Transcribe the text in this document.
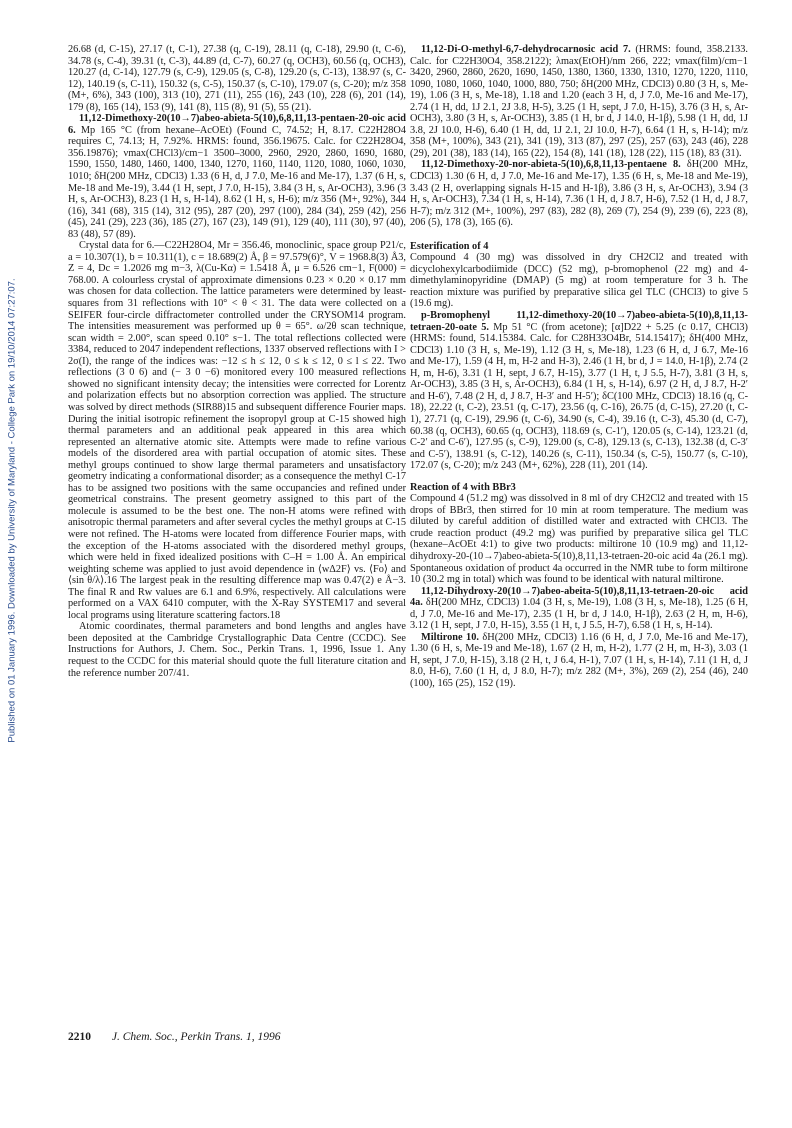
Published on 01 January 1996. Downloaded by University of Maryland - College Park on 19/10/2014 07:27:07.

26.68 (d, C-15), 27.17 (t, C-1), 27.38 (q, C-19), 28.11 (q, C-18), 29.90 (t, C-6), 34.78 (s, C-4), 39.31 (t, C-3), 44.89 (d, C-7), 60.27 (q, OCH3), 60.56 (q, OCH3), 120.27 (d, C-14), 127.79 (s, C-9), 129.05 (s, C-8), 129.20 (s, C-13), 138.97 (s, C-12), 140.19 (s, C-11), 150.32 (s, C-5), 150.37 (s, C-10), 179.07 (s, C-20); m/z 358 (M+, 6%), 343 (100), 313 (10), 271 (11), 255 (16), 243 (10), 228 (6), 201 (14), 179 (8), 165 (14), 153 (9), 141 (8), 115 (8), 91 (5), 55 (21).

11,12-Dimethoxy-20(10→7)abeo-abieta-5(10),6,8,11,13-pentaen-20-oic acid 6. Mp 165 °C (from hexane–AcOEt) (Found C, 74.52; H, 8.17. C22H28O4 requires C, 74.13; H, 7.92%. HRMS: found, 356.19675. Calc. for C22H28O4, 356.19876); νmax(CHCl3)/cm−1 3500–3000, 2960, 2920, 2860, 1690, 1680, 1590, 1550, 1480, 1460, 1400, 1340, 1270, 1160, 1140, 1120, 1080, 1060, 1030, 1010; δH(200 MHz, CDCl3) 1.33 (6 H, d, J 7.0, Me-16 and Me-17), 1.37 (6 H, s, Me-18 and Me-19), 3.44 (1 H, sept, J 7.0, H-15), 3.84 (3 H, s, Ar-OCH3), 3.96 (3 H, s, Ar-OCH3), 8.23 (1 H, s, H-14), 8.62 (1 H, s, H-6); m/z 356 (M+, 92%), 344 (16), 341 (68), 315 (14), 312 (95), 287 (20), 297 (100), 284 (34), 259 (42), 256 (45), 241 (29), 223 (36), 185 (27), 167 (23), 149 (91), 129 (40), 111 (30), 97 (40), 83 (48), 57 (89).

Crystal data for 6.—C22H28O4, Mr = 356.46, monoclinic, space group P21/c, a = 10.307(1), b = 10.311(1), c = 18.689(2) Å, β = 97.579(6)°, V = 1968.8(3) Å3, Z = 4, Dc = 1.2026 mg m−3, λ(Cu-Kα) = 1.5418 Å, μ = 6.526 cm−1, F(000) = 768.00. A colourless crystal of approximate dimensions 0.23 × 0.20 × 0.17 mm was chosen for data collection. The lattice parameters were determined by least-squares from 31 reflections with 10° < θ < 31. The data were collected on a SEIFER four-circle diffractometer controlled under the CRYSOM14 program. The intensities measurement was performed up θ = 65°. ω/2θ scan technique, scan width = 2.00°, scan speed 0.10° s−1. The total reflections collected were 3384, reduced to 2047 independent reflections, 1337 observed reflections with I > 2σ(I), the range of the indices was: −12 ≤ h ≤ 12, 0 ≤ k ≤ 12, 0 ≤ l ≤ 22. Two reflections (3 0 6) and (− 3 0 −6) monitored every 100 measured reflections showed no significant intensity decay; the intensities were corrected for Lorentz and polarization effects but no absorption correction was applied. The structure was solved by direct methods (SIR88)15 and subsequent difference Fourier maps. During the initial isotropic refinement the isopropyl group at C-15 showed high thermal parameters and an additional peak appeared in this area which represented an alternative atomic site. Attempts were made to refine various models of the disordered area with partial occupation of atomic sites. These methyl groups continued to show large thermal parameters and unsatisfactory geometry indicating a conformational disorder; as a consequence the methyl C-17 has to be assigned two positions with the same occupancies and refined under geometrical constrains. The present geometry assigned to this part of the molecule is assumed to be the best one. The non-H atoms were refined with anisotropic thermal parameters and after several cycles the methyl groups at C-15 were not refined. The H-atoms were located from difference Fourier maps, with the exception of the H-atoms associated with the disordered methyl groups, which were held in fixed idealized positions with C–H = 1.00 Å. An empirical weighting scheme was applied to just avoid dependence in ⟨wΔ2F⟩ vs. ⟨Fo⟩ and ⟨sin θ/λ⟩.16 The largest peak in the resulting difference map was 0.47(2) e Å−3. The final R and Rw values are 6.1 and 6.9%, respectively. All calculations were performed on a VAX 6410 computer, with the X-Ray SYSTEM17 and several local programs using literature scattering factors.18

Atomic coordinates, thermal parameters and bond lengths and angles have been deposited at the Cambridge Crystallographic Data Centre (CCDC). See Instructions for Authors, J. Chem. Soc., Perkin Trans. 1, 1996, Issue 1. Any request to the CCDC for this material should quote the full literature citation and the reference number 207/41.

11,12-Di-O-methyl-6,7-dehydrocarnosic acid 7. (HRMS: found, 358.2133. Calc. for C22H30O4, 358.2122); λmax(EtOH)/nm 266, 222; νmax(film)/cm−1 3420, 2960, 2860, 2620, 1690, 1450, 1380, 1360, 1330, 1310, 1270, 1220, 1110, 1090, 1080, 1060, 1040, 1000, 880, 750; δH(200 MHz, CDCl3) 0.80 (3 H, s, Me-19), 1.06 (3 H, s, Me-18), 1.18 and 1.20 (each 3 H, d, J 7.0, Me-16 and Me-17), 2.74 (1 H, dd, 1J 2.1, 2J 3.8, H-5), 3.25 (1 H, sept, J 7.0, H-15), 3.76 (3 H, s, Ar-OCH3), 3.80 (3 H, s, Ar-OCH3), 3.85 (1 H, br d, J 14.0, H-1β), 5.98 (1 H, dd, 1J 3.8, 2J 10.0, H-6), 6.40 (1 H, dd, 1J 2.1, 2J 10.0, H-7), 6.64 (1 H, s, H-14); m/z 358 (M+, 100%), 343 (21), 341 (19), 313 (87), 297 (25), 257 (63), 243 (46), 228 (29), 201 (38), 183 (14), 165 (22), 154 (8), 141 (18), 128 (22), 115 (18), 83 (31).

11,12-Dimethoxy-20-nor-abieta-5(10),6,8,11,13-pentaene 8. δH(200 MHz, CDCl3) 1.30 (6 H, d, J 7.0, Me-16 and Me-17), 1.35 (6 H, s, Me-18 and Me-19), 3.43 (2 H, overlapping signals H-15 and H-1β), 3.86 (3 H, s, Ar-OCH3), 3.94 (3 H, s, Ar-OCH3), 7.34 (1 H, s, H-14), 7.36 (1 H, d, J 8.7, H-6), 7.52 (1 H, d, J 8.7, H-7); m/z 312 (M+, 100%), 297 (83), 282 (8), 269 (7), 254 (9), 239 (6), 223 (8), 206 (5), 178 (3), 165 (6).

Esterification of 4

Compound 4 (30 mg) was dissolved in dry CH2Cl2 and treated with dicyclohexylcarbodiimide (DCC) (52 mg), p-bromophenol (22 mg) and 4-dimethylaminopyridine (DMAP) (5 mg) at room temperature for 3 h. The reaction mixture was purified by preparative silica gel TLC (CHCl3) to give 5 (19.6 mg).

p-Bromophenyl 11,12-dimethoxy-20(10→7)abeo-abieta-5(10),8,11,13-tetraen-20-oate 5. Mp 51 °C (from acetone); [α]D22 + 5.25 (c 0.17, CHCl3) (HRMS: found, 514.15384. Calc. for C28H33O4Br, 514.15417); δH(400 MHz, CDCl3) 1.10 (3 H, s, Me-19), 1.12 (3 H, s, Me-18), 1.23 (6 H, d, J 6.7, Me-16 and Me-17), 1.59 (4 H, m, H-2 and H-3), 2.46 (1 H, br d, J = 14.0, H-1β), 2.74 (2 H, m, H-6), 3.31 (1 H, sept, J 6.7, H-15), 3.77 (1 H, t, J 5.5, H-7), 3.81 (3 H, s, Ar-OCH3), 3.85 (3 H, s, Ar-OCH3), 6.84 (1 H, s, H-14), 6.97 (2 H, d, J 8.7, H-2′ and H-6′), 7.48 (2 H, d, J 8.7, H-3′ and H-5′); δC(100 MHz, CDCl3) 18.16 (q, C-18), 22.22 (t, C-2), 23.51 (q, C-17), 23.56 (q, C-16), 26.75 (d, C-15), 27.20 (t, C-1), 27.71 (q, C-19), 29.96 (t, C-6), 34.90 (s, C-4), 39.16 (t, C-3), 45.30 (d, C-7), 60.38 (q, OCH3), 60.65 (q, OCH3), 118.69 (s, C-1′), 120.05 (s, C-14), 123.21 (d, C-2′ and C-6′), 127.95 (s, C-9), 129.00 (s, C-8), 129.13 (s, C-13), 132.38 (d, C-3′ and C-5′), 138.91 (s, C-12), 140.26 (s, C-11), 150.34 (s, C-5), 150.77 (s, C-10), 172.07 (s, C-20); m/z 243 (M+, 62%), 228 (11), 201 (14).

Reaction of 4 with BBr3

Compound 4 (51.2 mg) was dissolved in 8 ml of dry CH2Cl2 and treated with 15 drops of BBr3, then stirred for 10 min at room temperature. The medium was diluted by careful addition of distilled water and extracted with CHCl3. The crude reaction product (49.2 mg) was purified by preparative silica gel TLC (hexane–AcOEt 4:1) to give two products: miltirone 10 (10.9 mg) and 11,12-dihydroxy-20-(10→7)abeo-abieta-5(10),8,11,13-tetraen-20-oic acid 4a (26.1 mg). Spontaneous oxidation of product 4a occurred in the NMR tube to form miltirone 10 (30.2 mg in total) which was found to be identical with natural miltirone.

11,12-Dihydroxy-20(10→7)abeo-abeita-5(10),8,11,13-tetraen-20-oic acid 4a. δH(200 MHz, CDCl3) 1.04 (3 H, s, Me-19), 1.08 (3 H, s, Me-18), 1.25 (6 H, d, J 7.0, Me-16 and Me-17), 2.35 (1 H, br d, J 14.0, H-1β), 2.63 (2 H, m, H-6), 3.12 (1 H, sept, J 7.0, H-15), 3.55 (1 H, t, J 5.5, H-7), 6.58 (1 H, s, H-14).

Miltirone 10. δH(200 MHz, CDCl3) 1.16 (6 H, d, J 7.0, Me-16 and Me-17), 1.30 (6 H, s, Me-19 and Me-18), 1.67 (2 H, m, H-2), 1.77 (2 H, m, H-3), 3.03 (1 H, sept, J 7.0, H-15), 3.18 (2 H, t, J 6.4, H-1), 7.07 (1 H, s, H-14), 7.11 (1 H, d, J 8.0, H-6), 7.60 (1 H, d, J 8.0, H-7); m/z 282 (M+, 3%), 269 (2), 254 (46), 240 (100), 165 (25), 152 (19).

2210 J. Chem. Soc., Perkin Trans. 1, 1996
